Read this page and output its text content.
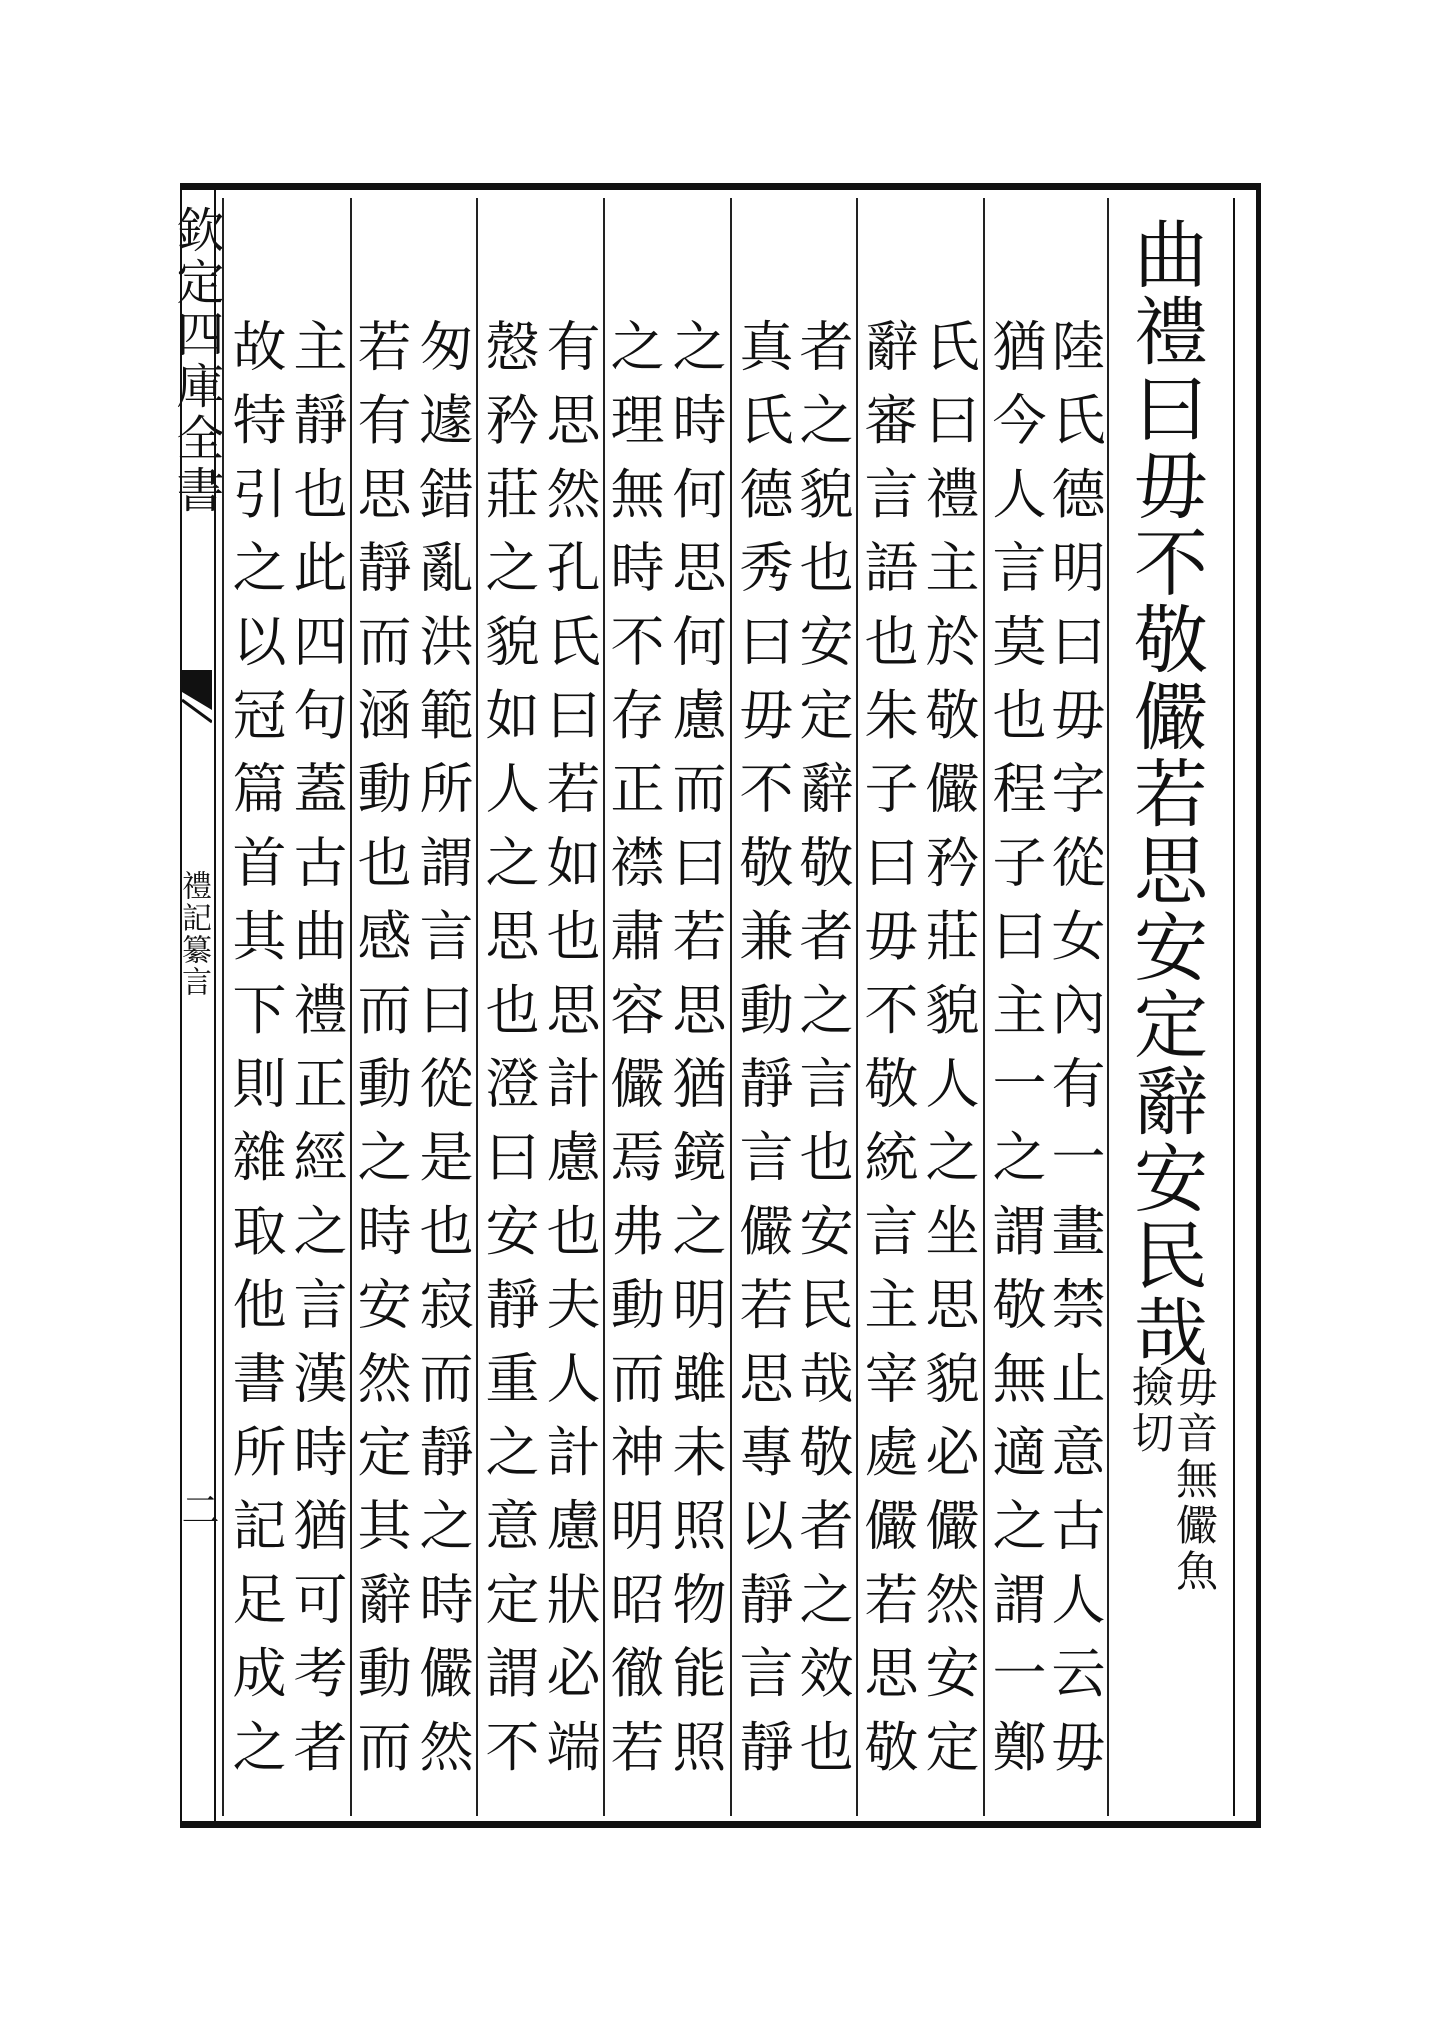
欽定四庫全書
禮記纂言
二
曲禮曰毋不敬儼若思安定辭安民哉
毋音無儼魚撿切
陸氏德明曰毋字從女內有一畫禁止意古人云毋
猶今人言莫也程子曰主一之謂敬無適之謂一鄭
氏曰禮主於敬儼矜莊貌人之坐思貌必儼然安定
辭審言語也朱子曰毋不敬統言主宰處儼若思敬
者之貌也安定辭敬者之言也安民哉敬者之效也
真氏德秀曰毋不敬兼動靜言儼若思專以靜言靜
之時何思何慮而曰若思猶鏡之明雖未照物能照
之理無時不存正襟肅容儼焉弗動而神明昭徹若
有思然孔氏曰若如也思計慮也夫人計慮狀必端
慤矜莊之貌如人之思也澄曰安靜重之意定謂不
匆遽錯亂洪範所謂言曰從是也寂而靜之時儼然
若有思靜而涵動也感而動之時安然定其辭動而
主靜也此四句蓋古曲禮正經之言漢時猶可考者
故特引之以冠篇首其下則雜取他書所記足成之
